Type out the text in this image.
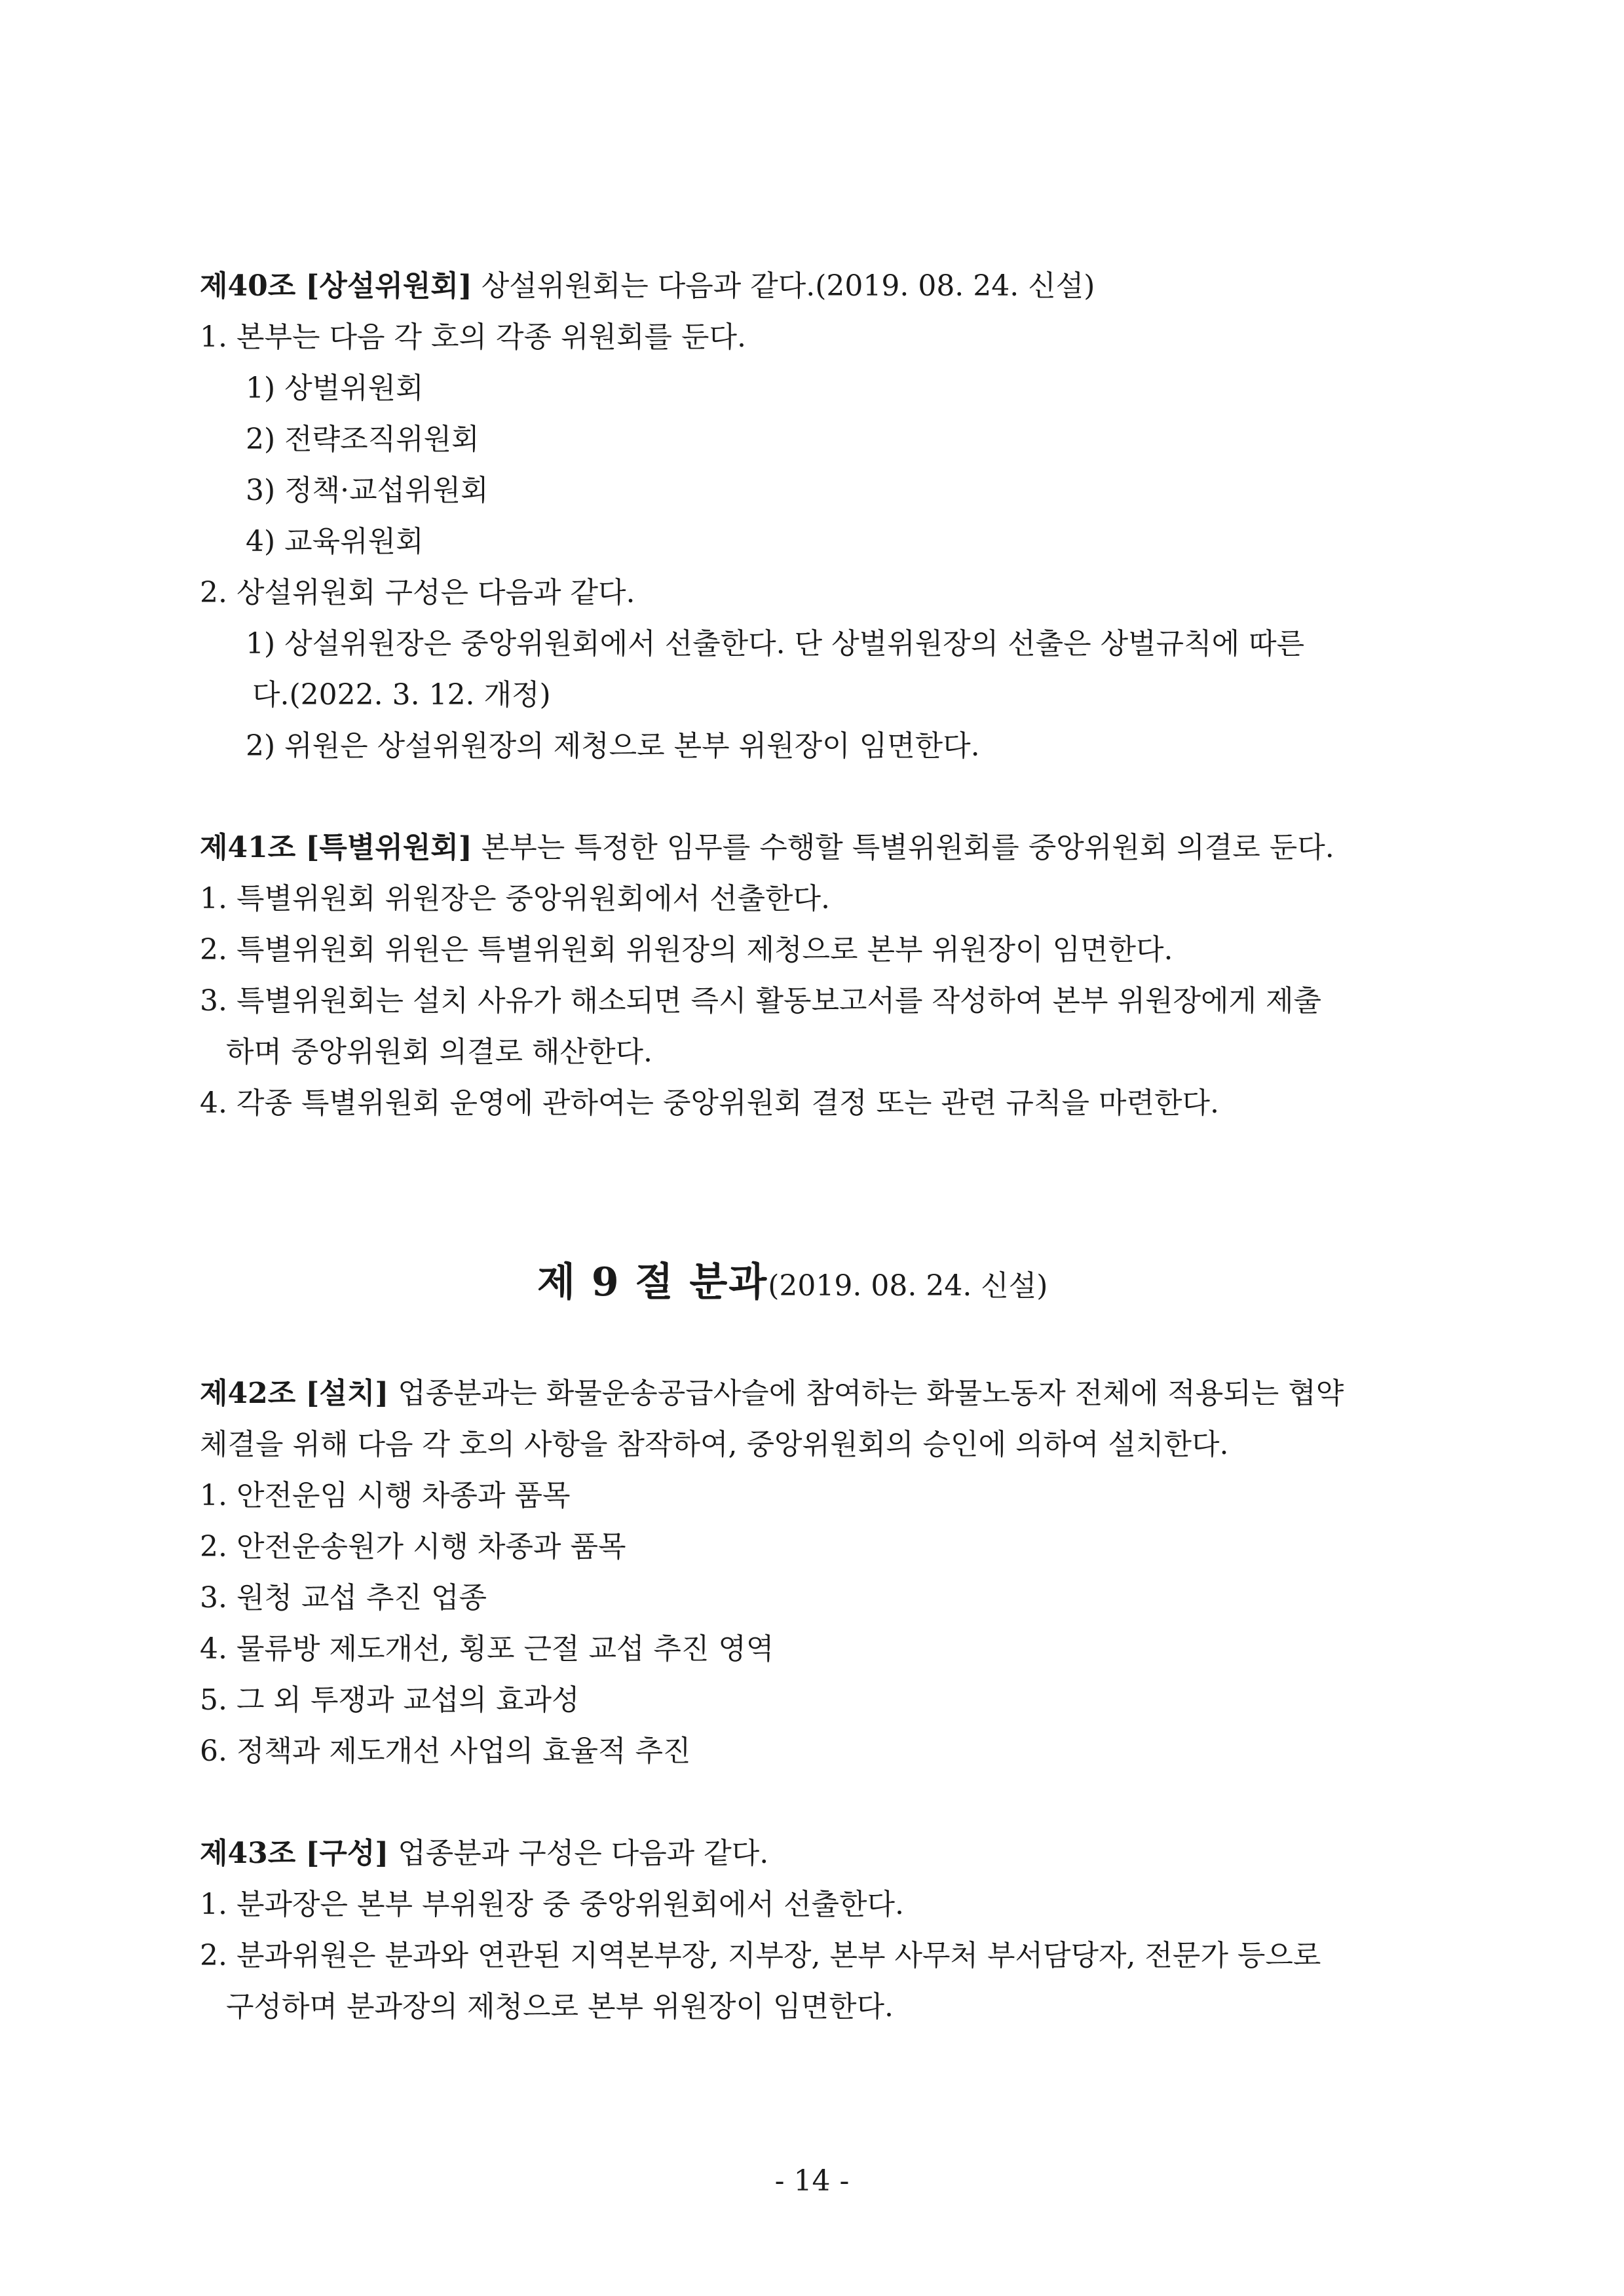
제40조 [상설위원회] 상설위원회는 다음과 같다.(2019. 08. 24. 신설)
1. 본부는 다음 각 호의 각종 위원회를 둔다.
1) 상벌위원회
2) 전략조직위원회
3) 정책·교섭위원회
4) 교육위원회
2. 상설위원회 구성은 다음과 같다.
1) 상설위원장은 중앙위원회에서 선출한다. 단 상벌위원장의 선출은 상벌규칙에 따른
다.(2022. 3. 12. 개정)
2) 위원은 상설위원장의 제청으로 본부 위원장이 임면한다.
제41조 [특별위원회] 본부는 특정한 임무를 수행할 특별위원회를 중앙위원회 의결로 둔다.
1. 특별위원회 위원장은 중앙위원회에서 선출한다.
2. 특별위원회 위원은 특별위원회 위원장의 제청으로 본부 위원장이 임면한다.
3. 특별위원회는 설치 사유가 해소되면 즉시 활동보고서를 작성하여 본부 위원장에게 제출
하며 중앙위원회 의결로 해산한다.
4. 각종 특별위원회 운영에 관하여는 중앙위원회 결정 또는 관련 규칙을 마련한다.
제 9 절 분과(2019. 08. 24. 신설)
제42조 [설치] 업종분과는 화물운송공급사슬에 참여하는 화물노동자 전체에 적용되는 협약
체결을 위해 다음 각 호의 사항을 참작하여, 중앙위원회의 승인에 의하여 설치한다.
1. 안전운임 시행 차종과 품목
2. 안전운송원가 시행 차종과 품목
3. 원청 교섭 추진 업종
4. 물류방 제도개선, 횡포 근절 교섭 추진 영역
5. 그 외 투쟁과 교섭의 효과성
6. 정책과 제도개선 사업의 효율적 추진
제43조 [구성] 업종분과 구성은 다음과 같다.
1. 분과장은 본부 부위원장 중 중앙위원회에서 선출한다.
2. 분과위원은 분과와 연관된 지역본부장, 지부장, 본부 사무처 부서담당자, 전문가 등으로
구성하며 분과장의 제청으로 본부 위원장이 임면한다.
- 14 -
